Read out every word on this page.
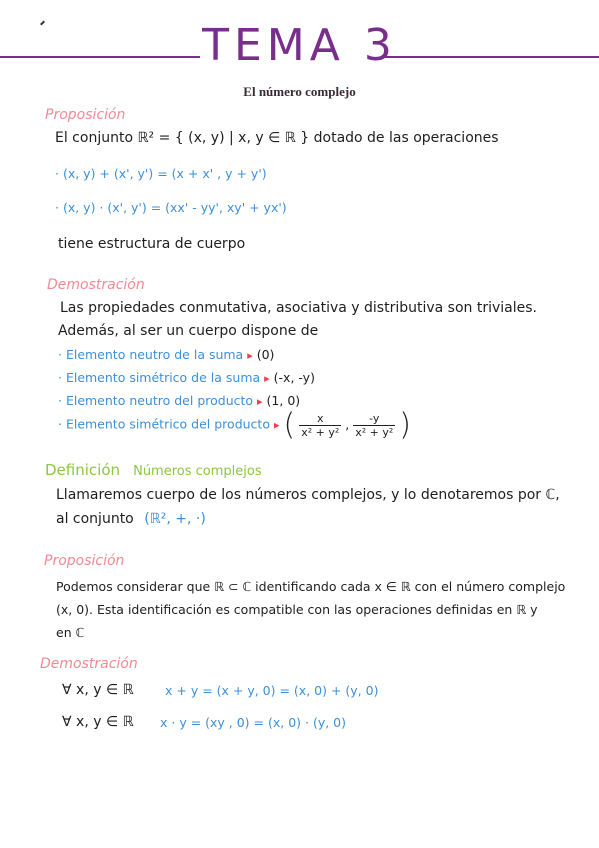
TEMA 3
El número complejo
Proposición
El conjunto ℝ² = { (x, y) | x, y ∈ ℝ } dotado de las operaciones
· (x, y) + (x', y') = (x + x' , y + y')
· (x, y) · (x', y') = (xx' - yy', xy' + yx')
tiene estructura de cuerpo
Demostración
Las propiedades conmutativa, asociativa y distributiva son triviales.
Además, al ser un cuerpo dispone de
· Elemento neutro de la suma ▸ (0)
· Elemento simétrico de la suma ▸ (-x, -y)
· Elemento neutro del producto ▸ (1, 0)
· Elemento simétrico del producto ▸ ( $\frac{x}{\text{x² + y²}}$ , $\frac{-y}{\text{x² + y²}}$ )
Definición Números complejos
Llamaremos cuerpo de los números complejos, y lo denotaremos por ℂ,
al conjunto (ℝ², +, ·)
Proposición
Podemos considerar que ℝ ⊂ ℂ identificando cada x ∈ ℝ con el número complejo
(x, 0). Esta identificación es compatible con las operaciones definidas en ℝ y
en ℂ
Demostración
∀ x, y ∈ ℝ	x + y = (x + y, 0) = (x, 0) + (y, 0)
∀ x, y ∈ ℝ x · y = (xy , 0) = (x, 0) · (y, 0)
